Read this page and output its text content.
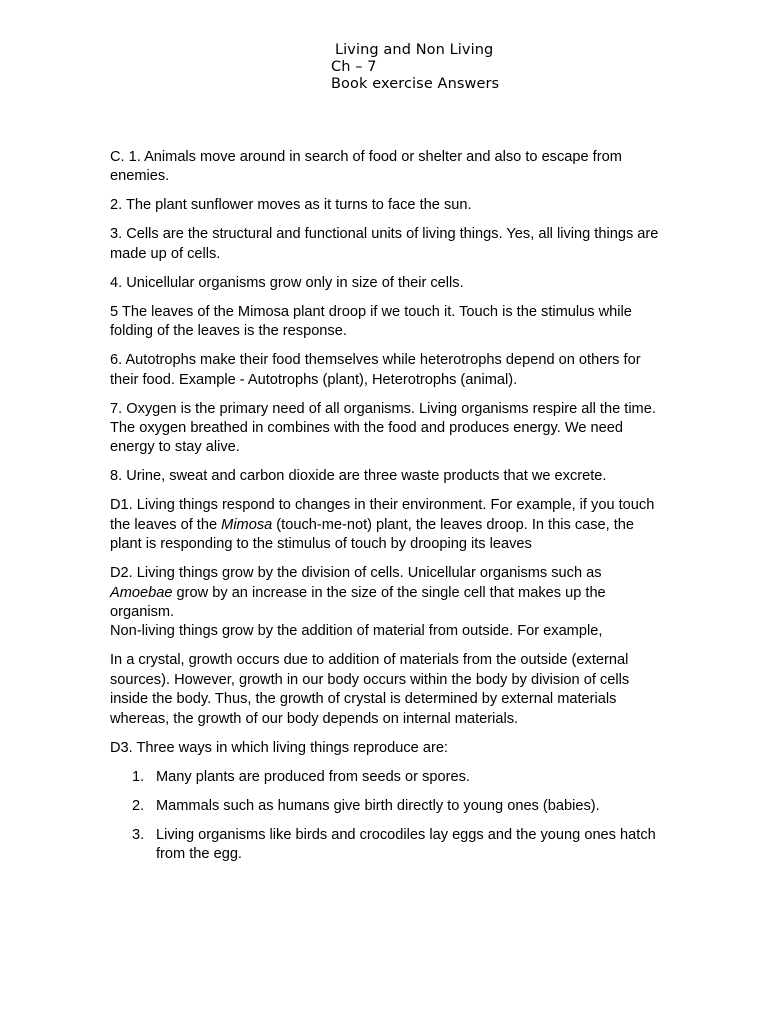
Living and Non Living
Ch – 7
Book exercise Answers

C. 1. Animals move around in search of food or shelter and also to escape from enemies.

2. The plant sunflower moves as it turns to face the sun.

3. Cells are the structural and functional units of living things. Yes, all living things are made up of cells.

4. Unicellular organisms grow only in size of their cells.

5 The leaves of the Mimosa plant droop if we touch it. Touch is the stimulus while folding of the leaves is the response.

6. Autotrophs make their food themselves while heterotrophs depend on others for their food. Example - Autotrophs (plant), Heterotrophs (animal).

7. Oxygen is the primary need of all organisms. Living organisms respire all the time. The oxygen breathed in combines with the food and produces energy. We need energy to stay alive.

8. Urine, sweat and carbon dioxide are three waste products that we excrete.

D1. Living things respond to changes in their environment. For example, if you touch the leaves of the Mimosa (touch-me-not) plant, the leaves droop. In this case, the plant is responding to the stimulus of touch by drooping its leaves

D2. Living things grow by the division of cells. Unicellular organisms such as Amoebae grow by an increase in the size of the single cell that makes up the organism.

Non-living things grow by the addition of material from outside. For example,

In a crystal, growth occurs due to addition of materials from the outside (external sources). However, growth in our body occurs within the body by division of cells inside the body. Thus, the growth of crystal is determined by external materials whereas, the growth of our body depends on internal materials.

D3. Three ways in which living things reproduce are:

1. Many plants are produced from seeds or spores.
2. Mammals such as humans give birth directly to young ones (babies).
3. Living organisms like birds and crocodiles lay eggs and the young ones hatch from the egg.
